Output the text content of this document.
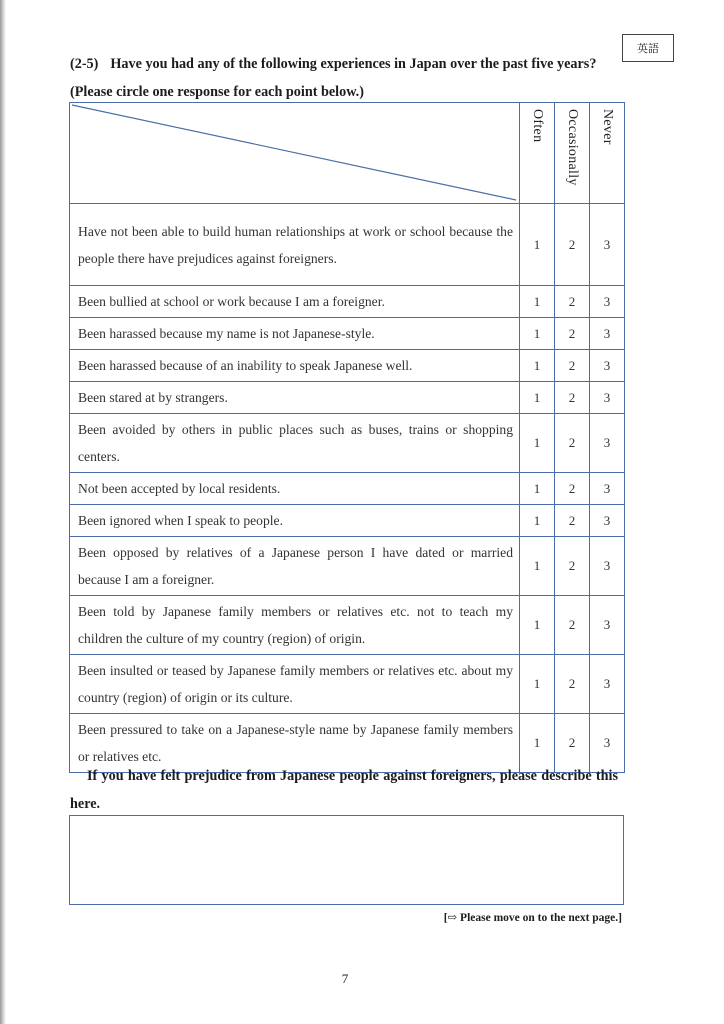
英語
(2-5) Have you had any of the following experiences in Japan over the past five years? (Please circle one response for each point below.)
	Often	Occasionally	Never
Have not been able to build human relationships at work or school because the people there have prejudices against foreigners.	1	2	3
Been bullied at school or work because I am a foreigner.	1	2	3
Been harassed because my name is not Japanese-style.	1	2	3
Been harassed because of an inability to speak Japanese well.	1	2	3
Been stared at by strangers.	1	2	3
Been avoided by others in public places such as buses, trains or shopping centers.	1	2	3
Not been accepted by local residents.	1	2	3
Been ignored when I speak to people.	1	2	3
Been opposed by relatives of a Japanese person I have dated or married because I am a foreigner.	1	2	3
Been told by Japanese family members or relatives etc. not to teach my children the culture of my country (region) of origin.	1	2	3
Been insulted or teased by Japanese family members or relatives etc. about my country (region) of origin or its culture.	1	2	3
Been pressured to take on a Japanese-style name by Japanese family members or relatives etc.	1	2	3
If you have felt prejudice from Japanese people against foreigners, please describe this here.
[⇨ Please move on to the next page.]
7
